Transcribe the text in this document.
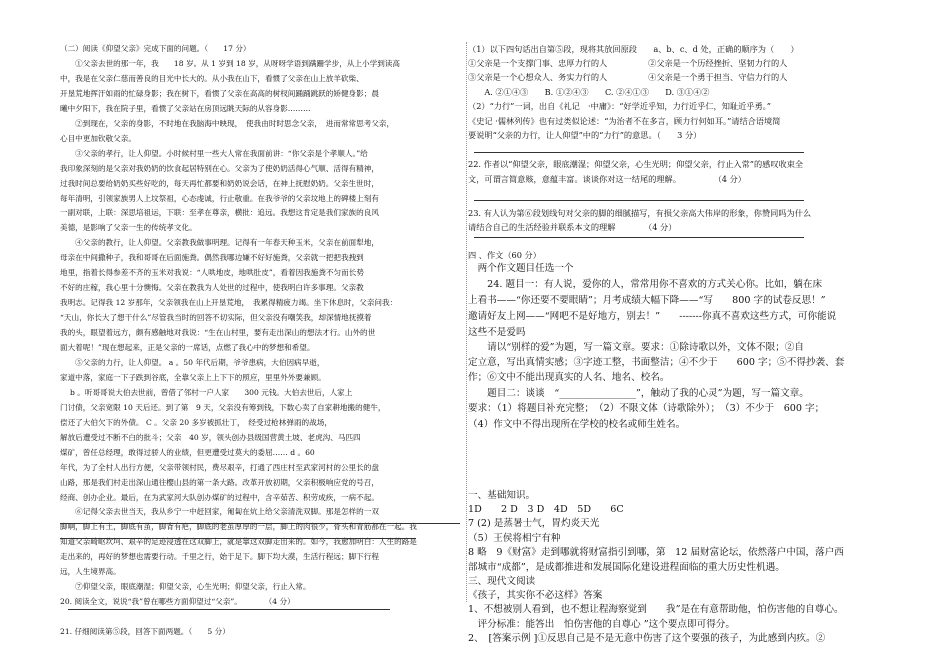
（二）阅读《仰望父亲》完成下面的问题。（　　17 分）
　　①父亲去世的那一年，我　　18 岁。从 1 岁到 18 岁，从呀呀学语到蹒跚学步，从上小学到读高
中，我是在父亲仁慈而善良的目光中长大的。从小我在山下，看惯了父亲在山上放羊砍柴、
开垦荒地挥汗如雨的忙碌身影；我在树下，看惯了父亲在高高的树杈间踊踊跳跃的矫健身影；晨
曦中夕阳下，我在院子里，看惯了父亲站在房顶远眺天际的从容身影………
　　②到现在，父亲的身影，不时地在我脑海中映现，　使我由时时思念父亲，　进而常常思考父亲，
心目中更加钦敬父亲。
　　③父亲的孝行，让人仰望。小时候村里一些大人常在我面前讲：“你父亲是个孝顺人。”给
我印象深刻的是父亲对我奶奶的饮食起居特别在心。父亲为了使奶奶活得心气顺、活得有精神，
过我时间总要给奶奶买些好吃的，每天再忙都要和奶奶说会话，在神上抚慰奶奶。父亲生世时，
每年清明，引领家族男人上坟祭祖，心态虔诚，行止敬重。在我爷爷的父亲坟地上的碑楼上刻有
一副对联，上联：深思培祖运，下联：至孝在尊亲，横批：追远。我想这肯定是我们家族的良风
美德，是影响了父亲一生的传统孝文化。
　　④父亲的教行，让人仰望。父亲教我做事明理。记得有一年春天种玉米，父亲在前面犁地，
母亲在中间撒种子，我和哥哥在后面施粪。偶然我哪边嫌不好好施粪，父亲就一把把我拽到
地里，指着长得参差不齐的玉米对我说：“人哄地皮，地哄肚皮”，看着因我施粪不匀而长势
不好的庄稼，我心里十分懊悔。父亲在教我为人处世的过程中，使我明白许多事理。父亲教
我明志。记得我 12 岁那年，父亲领我在山上开垦荒地，　我累得精疲力竭。坐下休息时，父亲问我：
“天山，你长大了想干什么”尽管我当时的回答不切实际，但父亲没有嘲笑我，却深情地抚摸着
我的头，眼望着远方，颇有感触地对我说：“生在山村里，要有走出深山的想法才行。山外的世
面大着呢！”现在想起来，正是父亲的一席话，点燃了我心中的梦想和希望。
　　⑤父亲的力行，让人仰望。 a 。50 年代后期，爷爷患病，大伯因病早逝，
家道中落，家庭一下子跌到谷底，全靠父亲上上下下的照应，里里外外要兼顾。
　 b 。听哥哥说大伯去世前，曾借了邻村一户人家　　300 元钱。大伯去世后，人家上
门讨债，父亲宽限 10 天后还。到了第　9 天，父亲没有筹到钱，下数心卖了自家耕地搬的健牛，
偿还了大伯欠下的外债。 C 。父亲 20 多岁被抓壮丁，　经受过枪林弹雨的战场，
解放后遭受过不断不白的批斗；父亲　40 岁，领头创办县级国营黄土坡、老虎沟、马匹四
煤矿，曾任总经理，敢得过骄人的业绩，但更遭受过莫大的委屈…… d 。60
年代，为了全村人出行方便，父亲带领村民，费尽艰辛，打通了西庄村至武家河村的公里长的盘
山路，那是我们村走出深山通往樱山县的第一条大路。改革开放初期，父亲积极响应党的号召，
经商、创办企业。最后，在为武家河大队创办煤矿的过程中，含辛茹苦、积劳成疾，一病不起。
　　⑥记得父亲去世当天，我从乡宁一中赶回家，匍匐在炕上给父亲清洗双脚。那是怎样的一双
脚啊，脚上有土，脚底有茧，脚背有疤，脚底的老茧厚厚的一层，脚上的肉很少，骨头和青筋都在一起。我
知道父亲崎岖坎坷、艰辛的足迹浸透在这双脚上，就是靠这双脚走出来的。如今，我愈加明白：人生的路是
走出来的，再好的梦想也需要行动。千里之行，始于足下。脚下均大漠，生活行程远；脚下行程
远，人生境界高。
　　⑦仰望父亲，眼底潮湿；仰望父亲，心生光明；仰望父亲，行止入常。
20. 阅读全文，说说“我”曾在哪些方面仰望过“父亲”。　　　　（4 分）
21. 仔细阅读第⑤段，回答下面两题。（　　5 分）
（1）以下四句话出自第⑤段，现将其放回原段　　a、b、c、d 处，正确的顺序为（　　）
①父亲是一个支撑门事、忠厚力行的人　　　　　②父亲是一个历经挫折、坚韧力行的人
③父亲是一个心想众人、务实力行的人　　　　　④父亲是一个勇于担当、守信力行的人
　　A. ②①④③　　B. ①②④③　　C. ②④①③　　D. ③①④②
（2）“力行”一词，出自《礼记　·中庸》：“好学近乎知，力行近乎仁，知耻近乎勇。”
《史记 ·儒林列传》也有过类似论述：“为治者不在多言，顾力行何如耳。”请结合语境简
要说明“父亲的力行，让人仰望”中的“力行”的意思。（　　3 分）
22. 作者以“仰望父亲，眼底潮湿；仰望父亲，心生光明；仰望父亲，行止入常”的感叹收束全
文，可谓言简意赅，意蕴丰富。谈谈你对这一结尾的理解。　　　　　（4 分）
23. 有人认为第⑥段划线句对父亲的脚的细腻描写，有损父亲高大伟岸的形象，你赞同吗为什么
请结合自己的生活经验并联系本文的理解　　　　（4 分）
四 、作文（60 分）
　两个作文题目任选一个
　　24. 题目一：有人说，爱你的人，常常用你不喜欢的方式关心你。比如，躺在床
上看书——“你还要不要眼睛”；月考成绩大幅下降——“写　　800 字的试卷反思！”
邀请好友上网——“网吧不是好地方，别去！”　　-------你真不喜欢这些方式，可你能说
这些不是爱吗
　　请以“别样的爱”为题，写一篇文章。要求：①除诗歌以外，文体不限；②自
定立意，写出真情实感；③字迹工整，书面整洁；④不少于　　600 字；⑤不得抄袭、套
作；⑥文中不能出现真实的人名、地名、校名。
　　题目二：谈谈　“________________”，触动了我的心灵”为题，写一篇文章。
要求：（1）将题目补充完整；　（2）不限文体（诗歌除外）；　（3）不少于　600 字；
（4）作文中不得出现所在学校的校名或师生姓名。
一、基础知识。
1D　　2 D　3 D　4D　5D　　6C
7 (2) 是蒸暑士气，胃灼炎天光
（5）王侯将相宁有种
8 略　9《财富》走到哪就将财富指引到哪，第　12 届财富论坛，依然落户中国，落户西
部城市“成都”，是成都推进和发展国际化建设进程面临的重大历史性机遇。
三、现代文阅读
《孩子，其实你不必这样》答案
1、不想被别人看到，也不想让程海察觉到　　我”是在有意帮助他，怕伤害他的自尊心。
　评分标准：能答出　怕伤害他的自尊心 ”这个要点即可得分。
2、　[答案示例 ]①反思自己是不是无意中伤害了这个要强的孩子，为此感到内疚。②
